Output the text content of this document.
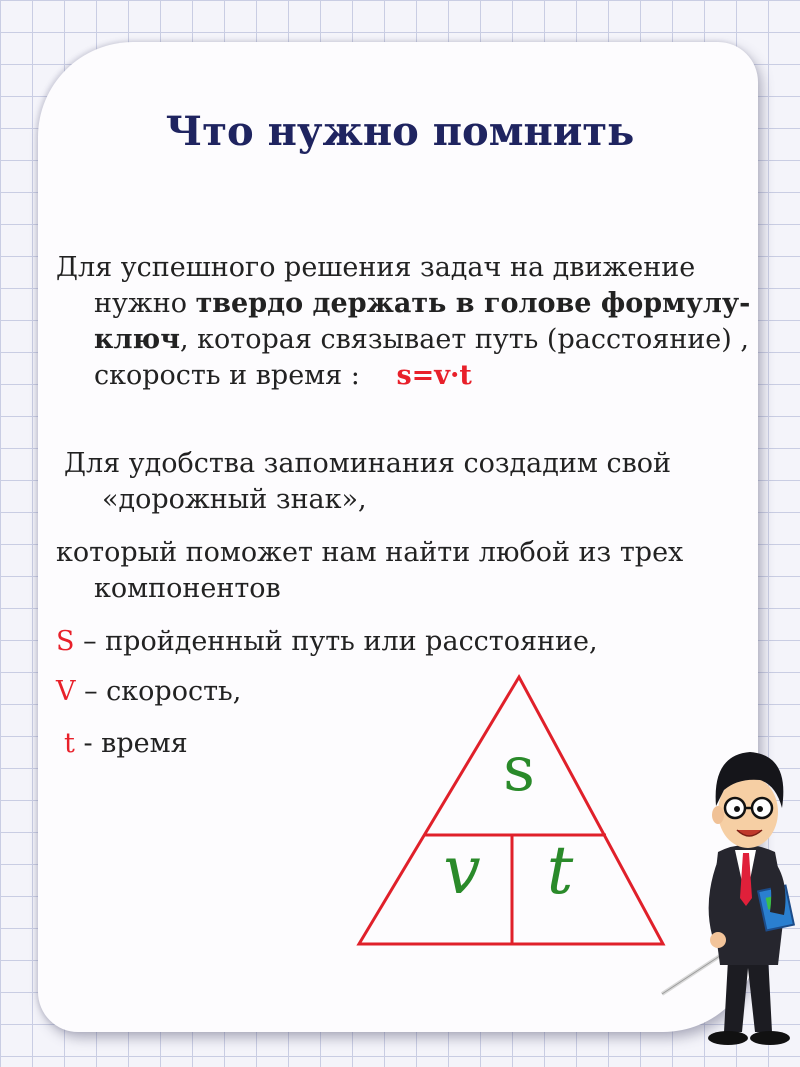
Что нужно помнить

Для успешного решения задач на движение нужно твердо держать в голове формулу-ключ, которая связывает путь (расстояние) , скорость и время : s=v·t

Для удобства запоминания создадим свой «дорожный знак»,

который поможет нам найти любой из трех компонентов

S – пройденный путь или расстояние,

V – скорость,

t - время	s
v t
